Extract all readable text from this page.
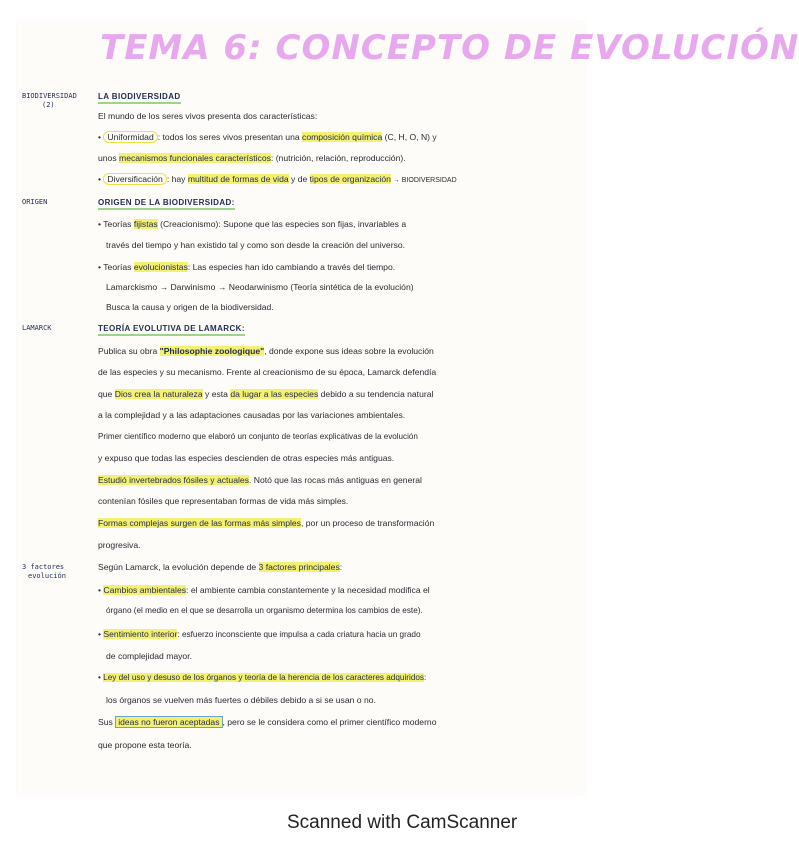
TEMA 6: CONCEPTO DE EVOLUCIÓN
BIODIVERSIDAD
(2)
ORIGEN
LAMARCK
3 factores
evolución
LA BIODIVERSIDAD
El mundo de los seres vivos presenta dos características:
• Uniformidad : todos los seres vivos presentan una composición química (C, H, O, N) y
unos mecanismos funcionales característicos: (nutrición, relación, reproducción).
• Diversificación : hay multitud de formas de vida y de tipos de organización → BIODIVERSIDAD
ORIGEN DE LA BIODIVERSIDAD:
• Teorías fijistas (Creacionismo): Supone que las especies son fijas, invariables a
través del tiempo y han existido tal y como son desde la creación del universo.
• Teorías evolucionistas: Las especies han ido cambiando a través del tiempo.
Lamarckismo → Darwinismo → Neodarwinismo (Teoría sintética de la evolución)
Busca la causa y origen de la biodiversidad.
TEORÍA EVOLUTIVA DE LAMARCK:
Publica su obra "Philosophie zoologique", donde expone sus ideas sobre la evolución
de las especies y su mecanismo. Frente al creacionismo de su época, Lamarck defendía
que Dios crea la naturaleza y esta da lugar a las especies debido a su tendencia natural
a la complejidad y a las adaptaciones causadas por las variaciones ambientales.
Primer científico moderno que elaboró un conjunto de teorías explicativas de la evolución
y expuso que todas las especies descienden de otras especies más antiguas.
Estudió invertebrados fósiles y actuales. Notó que las rocas más antiguas en general
contenían fósiles que representaban formas de vida más simples.
Formas complejas surgen de las formas más simples, por un proceso de transformación
progresiva.
Según Lamarck, la evolución depende de 3 factores principales:
• Cambios ambientales: el ambiente cambia constantemente y la necesidad modifica el
órgano (el medio en el que se desarrolla un organismo determina los cambios de este).
• Sentimiento interior: esfuerzo inconsciente que impulsa a cada criatura hacia un grado
de complejidad mayor.
• Ley del uso y desuso de los órganos y teoría de la herencia de los caracteres adquiridos:
los órganos se vuelven más fuertes o débiles debido a si se usan o no.
Sus ideas no fueron aceptadas , pero se le considera como el primer científico moderno
que propone esta teoría.
Scanned with CamScanner
